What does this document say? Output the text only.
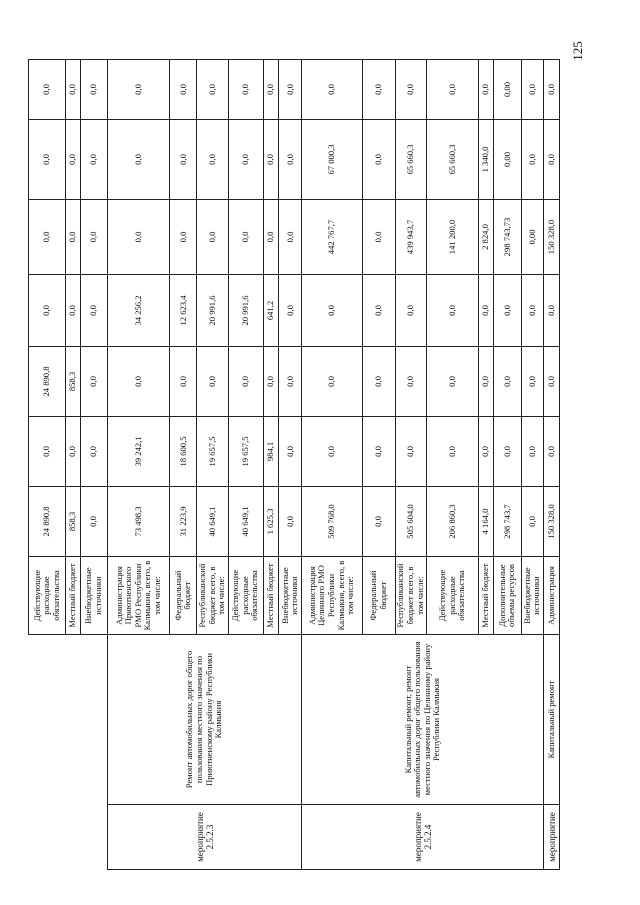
125
		Действующие расходные обязательства	24 890,8	0,0	24 890,8	0,0	0,0	0,0	0,0
		Местный бюджет	858,3	0,0	858,3	0,0	0,0	0,0	0,0
		Внебюджетные источники	0,0	0,0	0,0	0,0	0,0	0,0	0,0
мероприятие 2.5.2.3	Ремонт автомобильных дорог общего пользования местного значения по Приютненскому району Республики Калмыкия	Администрация Приютненского РМО Республики Калмыкия, всего, в том числе:	73 498,3	39 242,1	0,0	34 256,2	0,0	0,0	0,0
		Федеральный бюджет	31 223,9	18 600,5	0,0	12 623,4	0,0	0,0	0,0
		Республиканский бюджет всего, в том числе:	40 649,1	19 657,5	0,0	20 991,6	0,0	0,0	0,0
		Действующие расходные обязательства	40 649,1	19 657,5	0,0	20 991,6	0,0	0,0	0,0
		Местный бюджет	1 625,3	984,1	0,0	641,2	0,0	0,0	0,0
		Внебюджетные источники	0,0	0,0	0,0	0,0	0,0	0,0	0,0
мероприятие 2.5.2.4	Капитальный ремонт, ремонт автомобильных дорог общего пользования местного значения по Целинному району Республики Калмыкия	Администрация Целинного РМО Республики Калмыкия, всего, в том числе:	509 768,0	0,0	0,0	0,0	442 767,7	67 000,3	0,0
		Федеральный бюджет	0,0	0,0	0,0	0,0	0,0	0,0	0,0
		Республиканский бюджет всего, в том числе:	505 604,0	0,0	0,0	0,0	439 943,7	65 660,3	0,0
		Действующие расходные обязательства	206 860,3	0,0	0,0	0,0	141 200,0	65 660,3	0,0
		Местный бюджет	4 164,0	0,0	0,0	0,0	2 824,0	1 340,0	0,0
		Дополнительные объемы ресурсов	298 743,7	0,0	0,0	0,0	298 743,73	0,00	0,00
		Внебюджетные источники	0,0	0,0	0,0	0,0	0,00	0,0	0,0
мероприятие	Капитальный ремонт	Администрация	150 328,0	0,0	0,0	0,0	150 328,0	0,0	0,0
